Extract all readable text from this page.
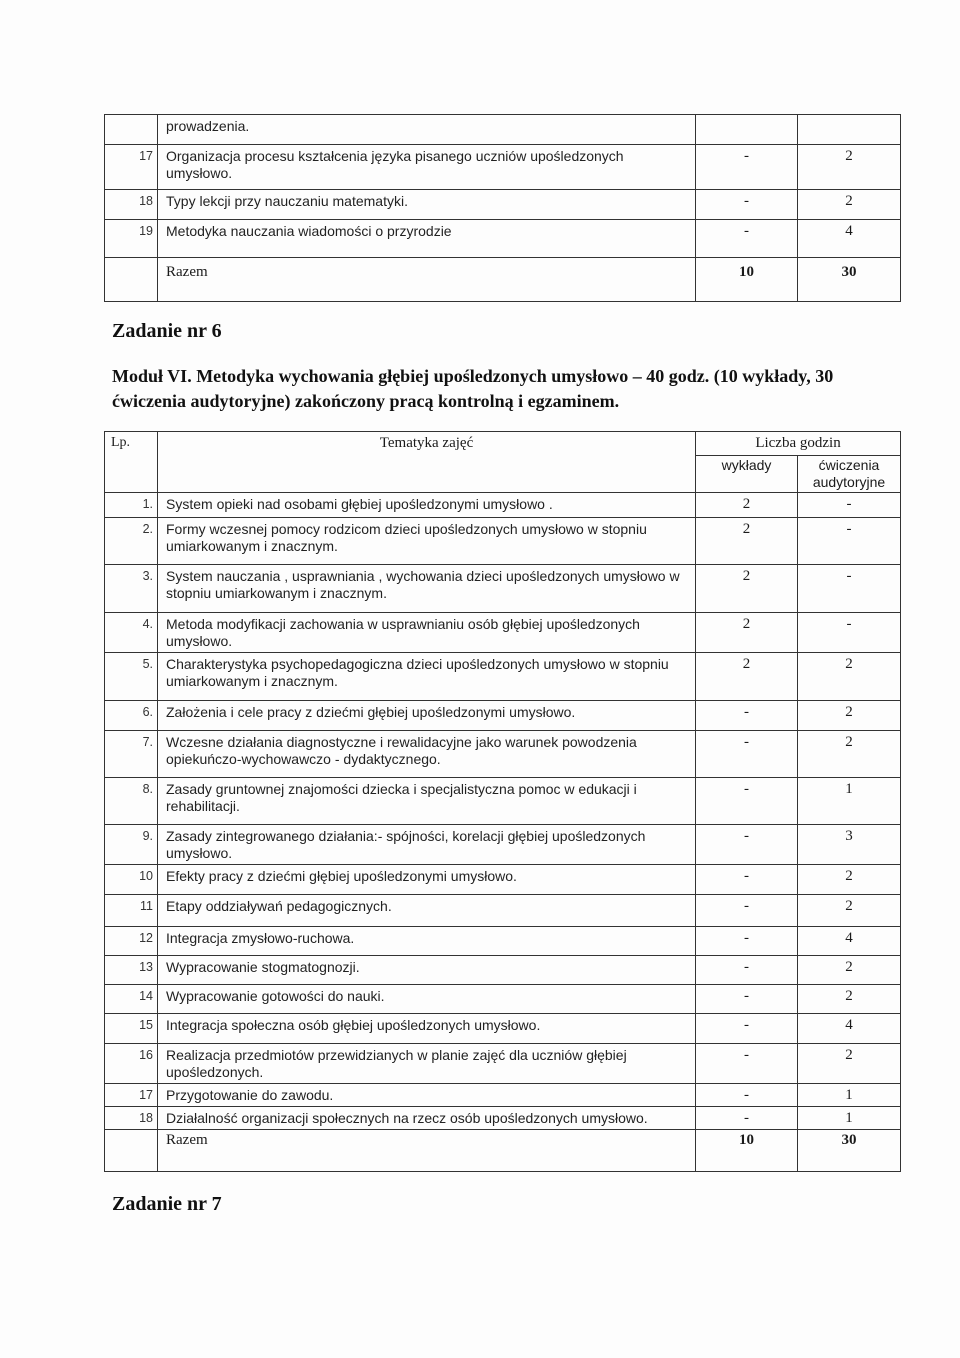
	prowadzenia.		
17	Organizacja procesu kształcenia języka pisanego uczniów upośledzonych umysłowo.	-	2
18	Typy lekcji przy nauczaniu matematyki.	-	2
19	Metodyka nauczania wiadomości o przyrodzie	-	4
	Razem	10	30
Zadanie nr 6

Moduł VI. Metodyka wychowania głębiej upośledzonych umysłowo – 40 godz. (10 wykłady, 30 ćwiczenia audytoryjne) zakończony pracą kontrolną i egzaminem.

Lp.	Tematyka zajęć	Liczba godzin	
		wykłady	ćwiczenia audytoryjne
1.	System opieki nad osobami głębiej upośledzonymi umysłowo .	2	-
2.	Formy wczesnej pomocy rodzicom dzieci upośledzonych umysłowo w stopniu umiarkowanym i znacznym.	2	-
3.	System nauczania , usprawniania , wychowania dzieci upośledzonych umysłowo w stopniu umiarkowanym i znacznym.	2	-
4.	Metoda modyfikacji zachowania w usprawnianiu osób głębiej upośledzonych umysłowo.	2	-
5.	Charakterystyka psychopedagogiczna dzieci upośledzonych umysłowo w stopniu umiarkowanym i znacznym.	2	2
6.	Założenia i cele pracy z dziećmi głębiej upośledzonymi umysłowo.	-	2
7.	Wczesne działania diagnostyczne i rewalidacyjne jako warunek powodzenia opiekuńczo-wychowawczo - dydaktycznego.	-	2
8.	Zasady gruntownej znajomości dziecka i specjalistyczna pomoc w edukacji i rehabilitacji.	-	1
9.	Zasady zintegrowanego działania:- spójności, korelacji głębiej upośledzonych umysłowo.	-	3
10	Efekty pracy z dziećmi głębiej upośledzonymi umysłowo.	-	2
11	Etapy oddziaływań pedagogicznych.	-	2
12	Integracja zmysłowo-ruchowa.	-	4
13	Wypracowanie stogmatognozji.	-	2
14	Wypracowanie gotowości do nauki.	-	2
15	Integracja społeczna osób głębiej upośledzonych umysłowo.	-	4
16	Realizacja przedmiotów przewidzianych w planie zajęć dla uczniów głębiej upośledzonych.	-	2
17	Przygotowanie do zawodu.	-	1
18	Działalność organizacji społecznych na rzecz osób upośledzonych umysłowo.	-	1
	Razem	10	30
Zadanie nr 7
